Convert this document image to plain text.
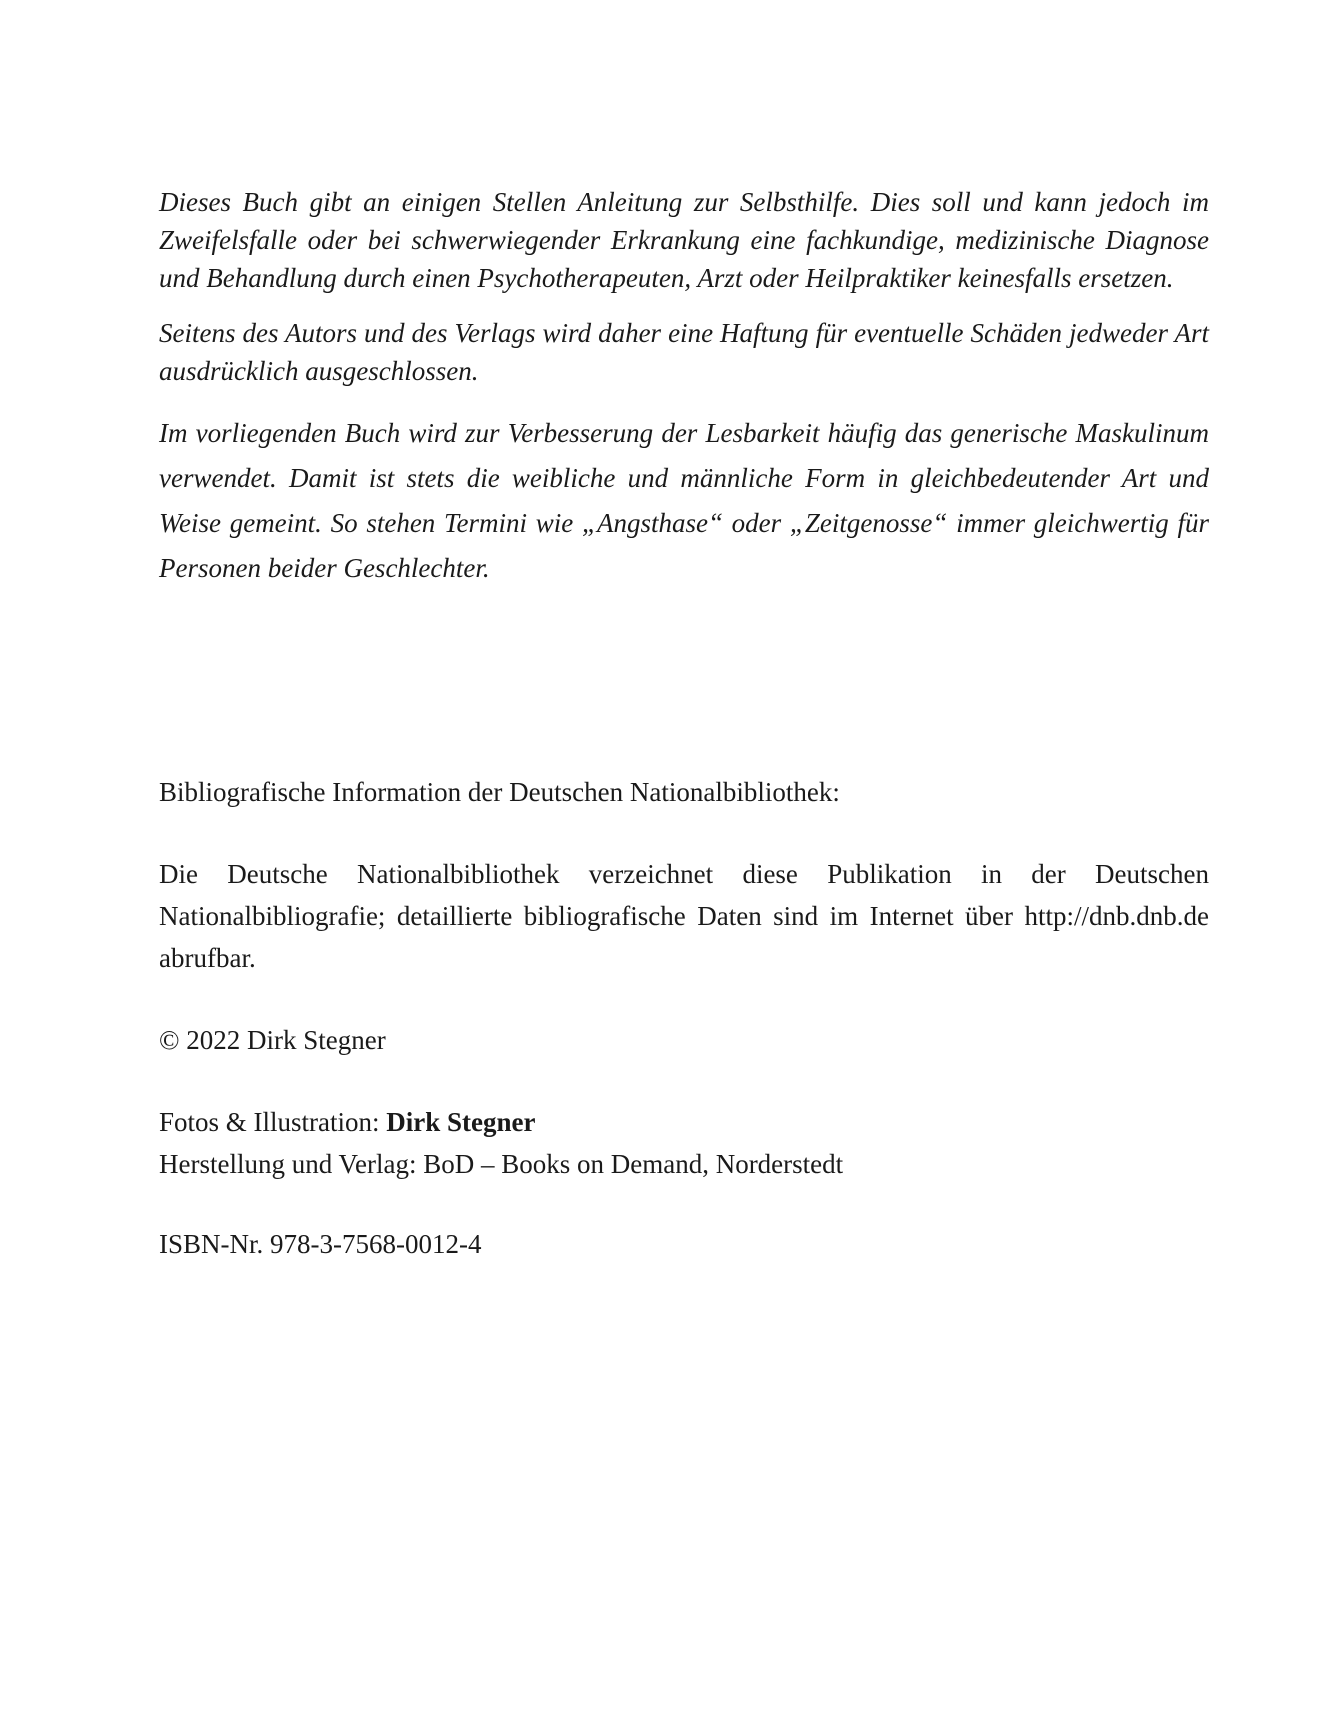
Dieses Buch gibt an einigen Stellen Anleitung zur Selbsthilfe. Dies soll und kann jedoch im Zweifelsfalle oder bei schwerwiegender Erkrankung eine fachkundige, medizinische Diagnose und Behandlung durch einen Psychotherapeuten, Arzt oder Heilpraktiker keinesfalls ersetzen.

Seitens des Autors und des Verlags wird daher eine Haftung für eventuelle Schäden jedweder Art ausdrücklich ausgeschlossen.

Im vorliegenden Buch wird zur Verbesserung der Lesbarkeit häufig das generische Maskulinum verwendet. Damit ist stets die weibliche und männliche Form in gleichbedeutender Art und Weise gemeint. So stehen Termini wie „Angsthase“ oder „Zeitgenosse“ immer gleichwertig für Personen beider Geschlechter.

Bibliografische Information der Deutschen Nationalbibliothek:

Die Deutsche Nationalbibliothek verzeichnet diese Publikation in der Deutschen Nationalbibliografie; detaillierte bibliografische Daten sind im Internet über http://dnb.dnb.de abrufbar.

© 2022 Dirk Stegner

Fotos & Illustration: Dirk Stegner

Herstellung und Verlag: BoD – Books on Demand, Norderstedt

ISBN-Nr. 978-3-7568-0012-4
